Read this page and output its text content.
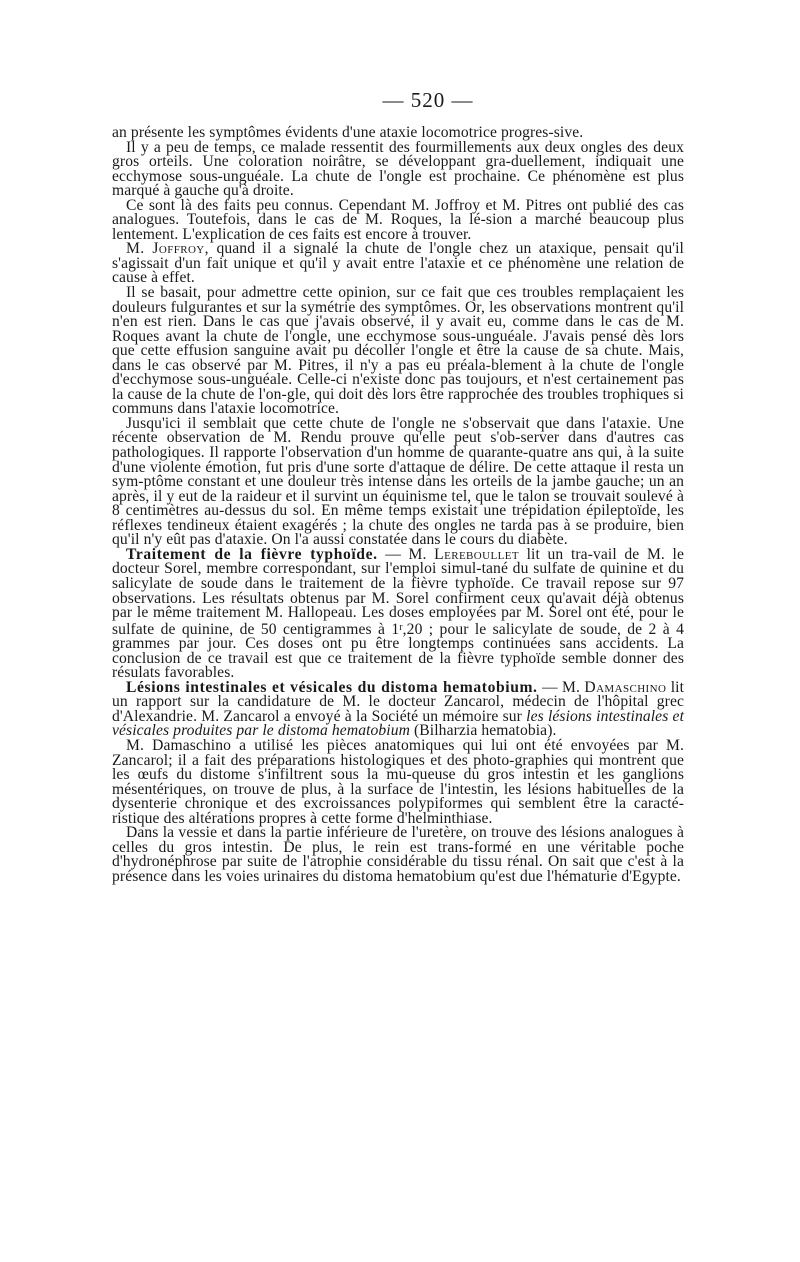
— 520 —

an présente les symptômes évidents d'une ataxie locomotrice progres-sive.

Il y a peu de temps, ce malade ressentit des fourmillements aux deux ongles des deux gros orteils. Une coloration noirâtre, se développant gra-duellement, indiquait une ecchymose sous-unguéale. La chute de l'ongle est prochaine. Ce phénomène est plus marqué à gauche qu'à droite.

Ce sont là des faits peu connus. Cependant M. Joffroy et M. Pitres ont publié des cas analogues. Toutefois, dans le cas de M. Roques, la lé-sion a marché beaucoup plus lentement. L'explication de ces faits est encore à trouver.

M. Joffroy, quand il a signalé la chute de l'ongle chez un ataxique, pensait qu'il s'agissait d'un fait unique et qu'il y avait entre l'ataxie et ce phénomène une relation de cause à effet.

Il se basait, pour admettre cette opinion, sur ce fait que ces troubles remplaçaient les douleurs fulgurantes et sur la symétrie des symptômes. Or, les observations montrent qu'il n'en est rien. Dans le cas que j'avais observé, il y avait eu, comme dans le cas de M. Roques avant la chute de l'ongle, une ecchymose sous-unguéale. J'avais pensé dès lors que cette effusion sanguine avait pu décoller l'ongle et être la cause de sa chute. Mais, dans le cas observé par M. Pitres, il n'y a pas eu préala-blement à la chute de l'ongle d'ecchymose sous-unguéale. Celle-ci n'existe donc pas toujours, et n'est certainement pas la cause de la chute de l'on-gle, qui doit dès lors être rapprochée des troubles trophiques si communs dans l'ataxie locomotrice.

Jusqu'ici il semblait que cette chute de l'ongle ne s'observait que dans l'ataxie. Une récente observation de M. Rendu prouve qu'elle peut s'ob-server dans d'autres cas pathologiques. Il rapporte l'observation d'un homme de quarante-quatre ans qui, à la suite d'une violente émotion, fut pris d'une sorte d'attaque de délire. De cette attaque il resta un sym-ptôme constant et une douleur très intense dans les orteils de la jambe gauche; un an après, il y eut de la raideur et il survint un équinisme tel, que le talon se trouvait soulevé à 8 centimètres au-dessus du sol. En même temps existait une trépidation épileptoïde, les réflexes tendineux étaient exagérés ; la chute des ongles ne tarda pas à se produire, bien qu'il n'y eût pas d'ataxie. On l'a aussi constatée dans le cours du diabète.

Traitement de la fièvre typhoïde. — M. Lereboullet lit un tra-vail de M. le docteur Sorel, membre correspondant, sur l'emploi simul-tané du sulfate de quinine et du salicylate de soude dans le traitement de la fièvre typhoïde. Ce travail repose sur 97 observations. Les résultats obtenus par M. Sorel confirment ceux qu'avait déjà obtenus par le même traitement M. Hallopeau. Les doses employées par M. Sorel ont été, pour le sulfate de quinine, de 50 centigrammes à 1$^r$,20 ; pour le salicylate de soude, de 2 à 4 grammes par jour. Ces doses ont pu être longtemps continuées sans accidents. La conclusion de ce travail est que ce traitement de la fièvre typhoïde semble donner des résulats favorables.

Lésions intestinales et vésicales du distoma hematobium. — M. Damaschino lit un rapport sur la candidature de M. le docteur Zancarol, médecin de l'hôpital grec d'Alexandrie. M. Zancarol a envoyé à la Société un mémoire sur les lésions intestinales et vésicales produites par le distoma hematobium (Bilharzia hematobia).

M. Damaschino a utilisé les pièces anatomiques qui lui ont été envoyées par M. Zancarol; il a fait des préparations histologiques et des photo-graphies qui montrent que les œufs du distome s'infiltrent sous la mu-queuse du gros intestin et les ganglions mésentériques, on trouve de plus, à la surface de l'intestin, les lésions habituelles de la dysenterie chronique et des excroissances polypiformes qui semblent être la caracté-ristique des altérations propres à cette forme d'helminthiase.

Dans la vessie et dans la partie inférieure de l'uretère, on trouve des lésions analogues à celles du gros intestin. De plus, le rein est trans-formé en une véritable poche d'hydronéphrose par suite de l'atrophie considérable du tissu rénal. On sait que c'est à la présence dans les voies urinaires du distoma hematobium qu'est due l'hématurie d'Egypte.
